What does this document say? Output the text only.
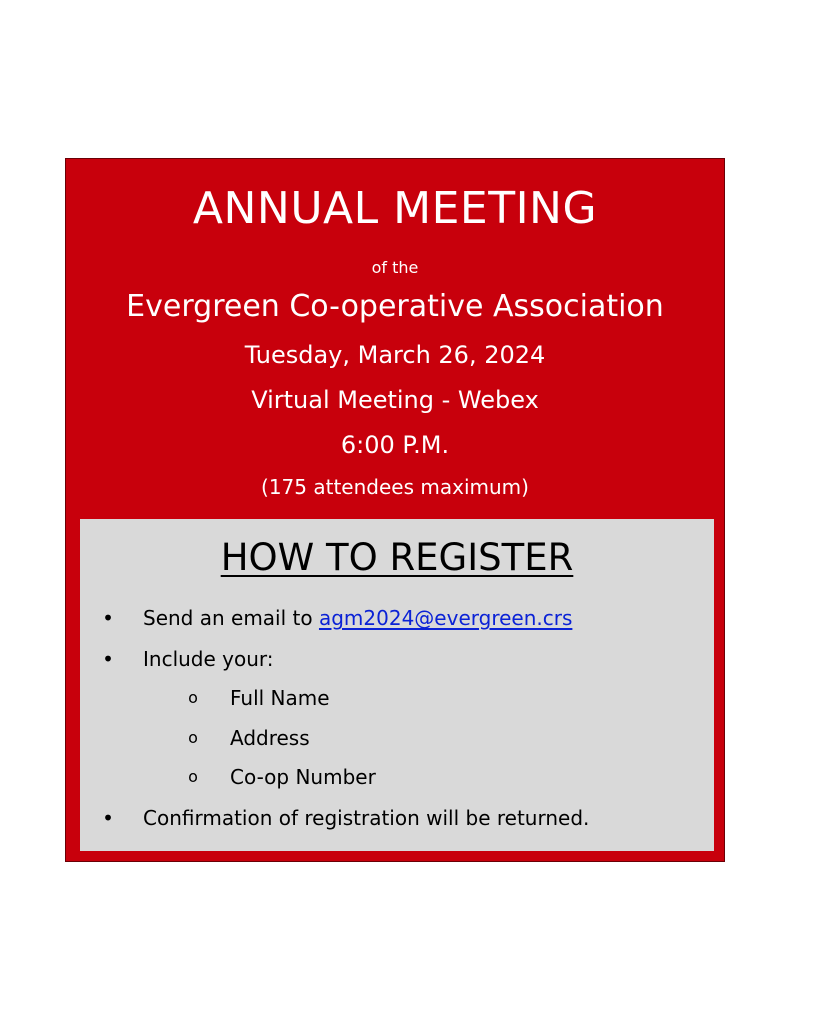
ANNUAL MEETING
of the
Evergreen Co-operative Association
Tuesday, March 26, 2024
Virtual Meeting - Webex
6:00 P.M.
(175 attendees maximum)
HOW TO REGISTER
• Send an email to agm2024@evergreen.crs
• Include your:
o Full Name
o Address
o Co-op Number
• Confirmation of registration will be returned.
